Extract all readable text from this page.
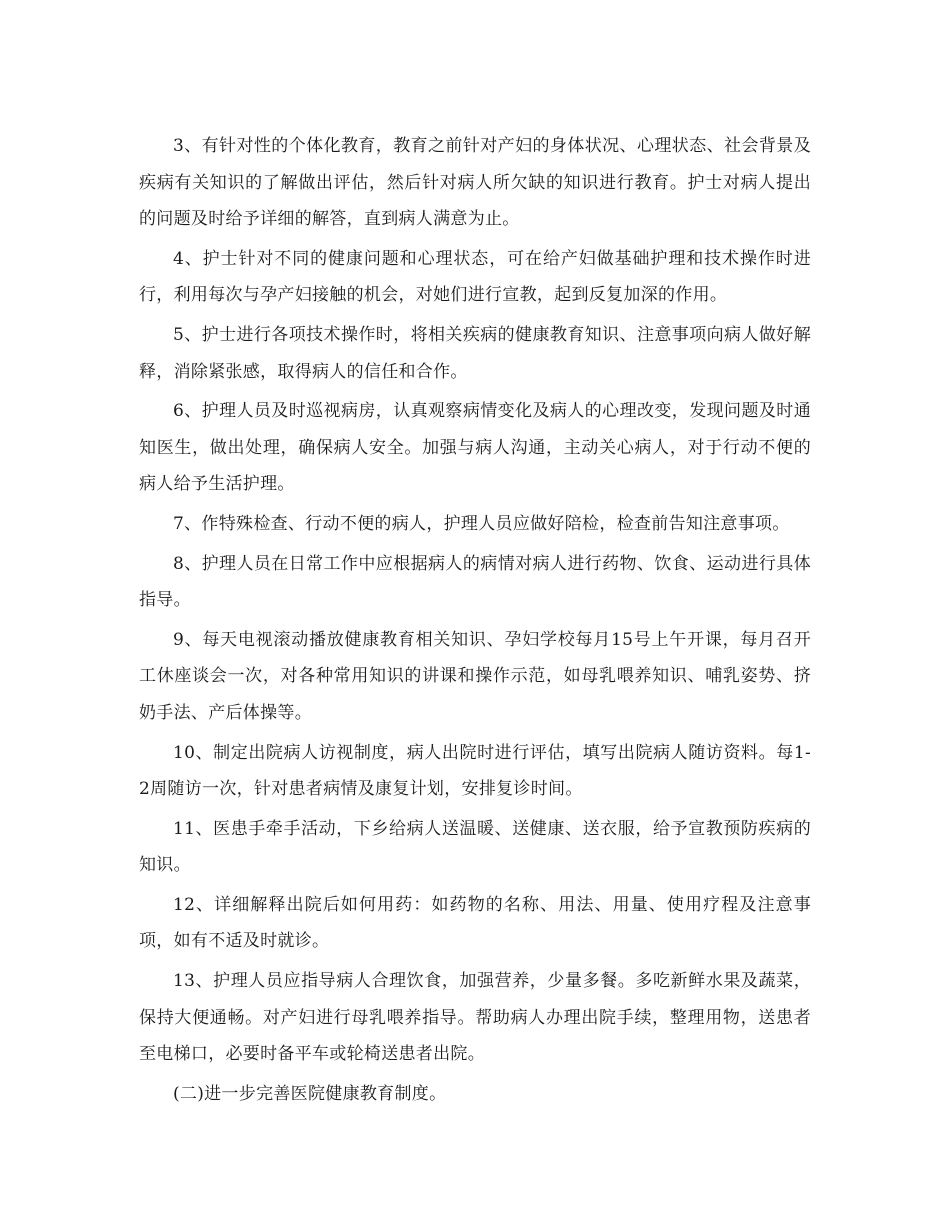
3、有针对性的个体化教育，教育之前针对产妇的身体状况、心理状态、社会背景及疾病有关知识的了解做出评估，然后针对病人所欠缺的知识进行教育。护士对病人提出的问题及时给予详细的解答，直到病人满意为止。

4、护士针对不同的健康问题和心理状态，可在给产妇做基础护理和技术操作时进行，利用每次与孕产妇接触的机会，对她们进行宣教，起到反复加深的作用。

5、护士进行各项技术操作时，将相关疾病的健康教育知识、注意事项向病人做好解释，消除紧张感，取得病人的信任和合作。

6、护理人员及时巡视病房，认真观察病情变化及病人的心理改变，发现问题及时通知医生，做出处理，确保病人安全。加强与病人沟通，主动关心病人，对于行动不便的病人给予生活护理。

7、作特殊检查、行动不便的病人，护理人员应做好陪检，检查前告知注意事项。

8、护理人员在日常工作中应根据病人的病情对病人进行药物、饮食、运动进行具体指导。

9、每天电视滚动播放健康教育相关知识、孕妇学校每月15号上午开课，每月召开工休座谈会一次，对各种常用知识的讲课和操作示范，如母乳喂养知识、哺乳姿势、挤奶手法、产后体操等。

10、制定出院病人访视制度，病人出院时进行评估，填写出院病人随访资料。每1-2周随访一次，针对患者病情及康复计划，安排复诊时间。

11、医患手牵手活动，下乡给病人送温暖、送健康、送衣服，给予宣教预防疾病的知识。

12、详细解释出院后如何用药：如药物的名称、用法、用量、使用疗程及注意事项，如有不适及时就诊。

13、护理人员应指导病人合理饮食，加强营养，少量多餐。多吃新鲜水果及蔬菜，保持大便通畅。对产妇进行母乳喂养指导。帮助病人办理出院手续，整理用物，送患者至电梯口，必要时备平车或轮椅送患者出院。

(二)进一步完善医院健康教育制度。
